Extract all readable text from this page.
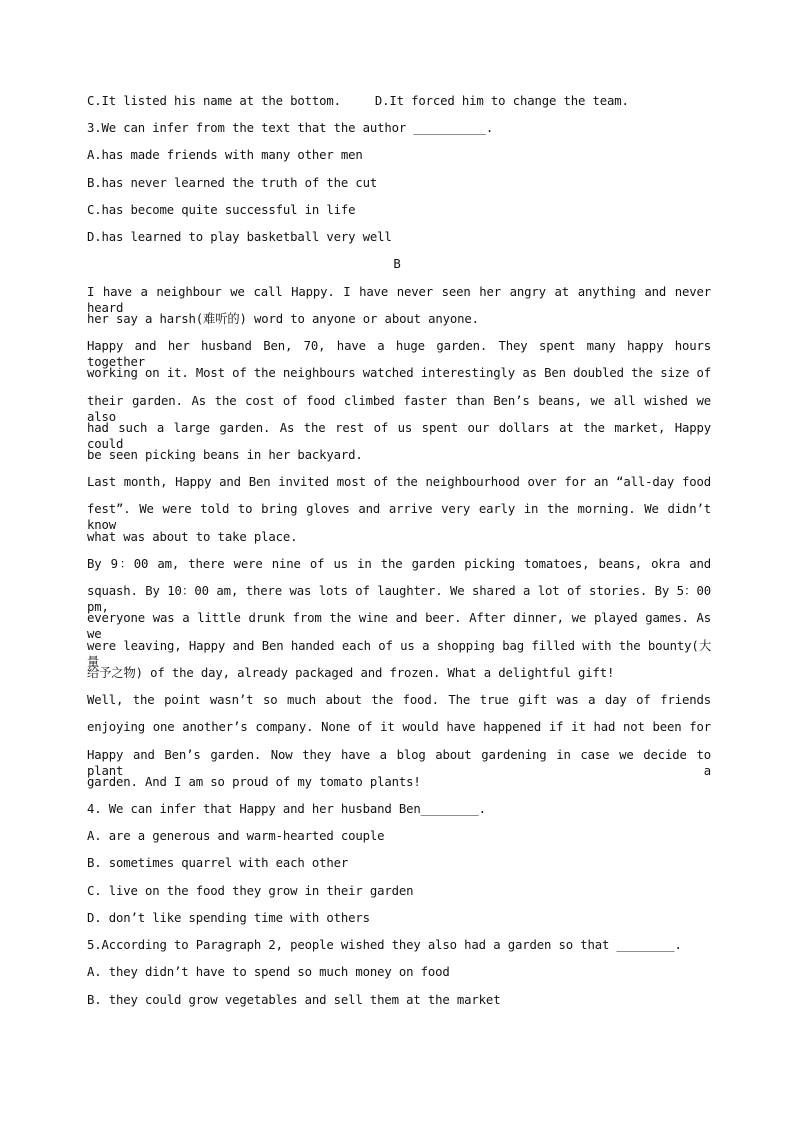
C.It listed his name at the bottom.	D.It forced him to change the team.
3.We can infer from the text that the author __________.
A.has made friends with many other men
B.has never learned the truth of the cut
C.has become quite successful in life
D.has learned to play basketball very well
B
I have a neighbour we call Happy. I have never seen her angry at anything and never heard
her say a harsh(难听的) word to anyone or about anyone.
Happy and her husband Ben, 70, have a huge garden. They spent many happy hours together
working on it. Most of the neighbours watched interestingly as Ben doubled the size of
their garden. As the cost of food climbed faster than Ben’s beans, we all wished we also
had such a large garden. As the rest of us spent our dollars at the market, Happy could
be seen picking beans in her backyard.
Last month, Happy and Ben invited most of the neighbourhood over for an “all-day food
fest”. We were told to bring gloves and arrive very early in the morning. We didn’t know
what was about to take place.
By 9：00 am, there were nine of us in the garden picking tomatoes, beans, okra and
squash. By 10：00 am, there was lots of laughter. We shared a lot of stories. By 5：00 pm,
everyone was a little drunk from the wine and beer. After dinner, we played games. As we
were leaving, Happy and Ben handed each of us a shopping bag filled with the bounty(大量
给予之物) of the day, already packaged and frozen. What a delightful gift!
Well, the point wasn’t so much about the food. The true gift was a day of friends
enjoying one another’s company. None of it would have happened if it had not been for
Happy and Ben’s garden. Now they have a blog about gardening in case we decide to plant a
garden. And I am so proud of my tomato plants!
4. We can infer that Happy and her husband Ben________.
A. are a generous and warm-hearted couple
B. sometimes quarrel with each other
C. live on the food they grow in their garden
D. don’t like spending time with others
5.According to Paragraph 2, people wished they also had a garden so that ________.
A. they didn’t have to spend so much money on food
B. they could grow vegetables and sell them at the market
